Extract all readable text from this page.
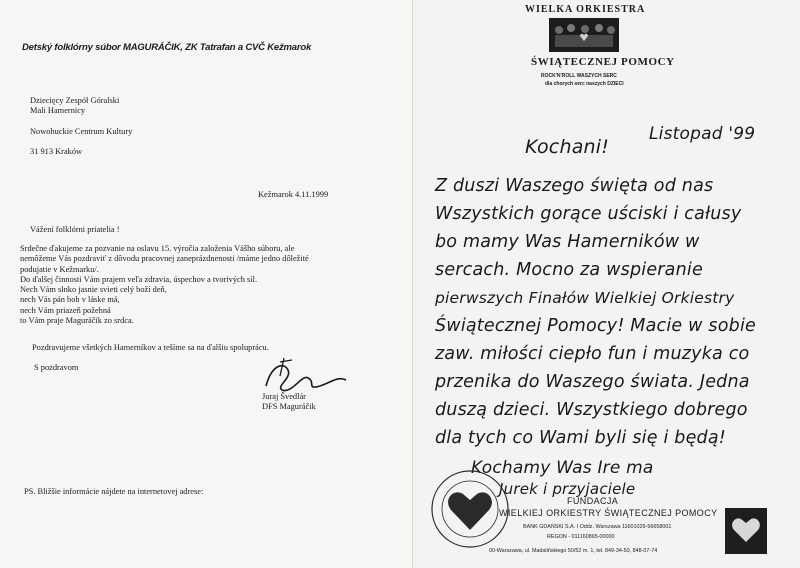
Detský folklórny súbor MAGURÁČIK, ZK Tatrafan a CVČ Kežmarok
Dziecięcy Zespół Góralski
Mali Hamernicy
Nowohuckie Centrum Kultury
31 913 Kraków
Kežmarok 4.11.1999
Vážení folklórni priatelia !
Srdečne ďakujeme za pozvanie na oslavu 15. výročia založenia Vášho súboru, ale
nemôžeme Vás pozdraviť z dôvodu pracovnej zaneprázdnenosti /máme jedno dôležité
podujatie v Kežmarku/.
Do ďalšej činnosti Vám prajem veľa zdravia, úspechov a tvorivých síl.
Nech Vám slnko jasnie svieti celý boží deň,
nech Vás pán boh v láske má,
nech Vám priazeň požehná
to Vám praje Maguráčik zo srdca.
Pozdravujeme všetkých Hamerníkov a tešíme sa na ďalšiu spoluprácu.
S pozdravom
Juraj Švedlár
DFS Maguráčik
PS. Bližšie informácie nájdete na internetovej adrese:
WIELKA ORKIESTRA
ŚWIĄTECZNEJ POMOCY
ROCK'N'ROLL WASZYCH SERC
dla chorych serc naszych DZIECI
Kochani!
Listopad '99
Z duszi Waszego święta od nas
Wszystkich gorące uściski i całusy
bo mamy Was Hamerników w
sercach. Mocno za wspieranie
pierwszych Finałów Wielkiej Orkiestry
Świątecznej Pomocy! Macie w sobie
zaw. miłości ciepło fun i muzyka co
przenika do Waszego świata. Jedna
duszą dzieci. Wszystkiego dobrego
dla tych co Wami byli się i będą!
Kochamy Was Ire ma
Jurek i przyjaciele
FUNDACJA
WIELKIEJ ORKIESTRY ŚWIĄTECZNEJ POMOCY
BANK GDAŃSKI S.A. I Oddz. Warszawa 11601029-56658001
REGON - 011160865-00000
00-Warszawa, ul. Madalińskiego 50/52 m. 1, tel. 849-34-50, 848-07-74
